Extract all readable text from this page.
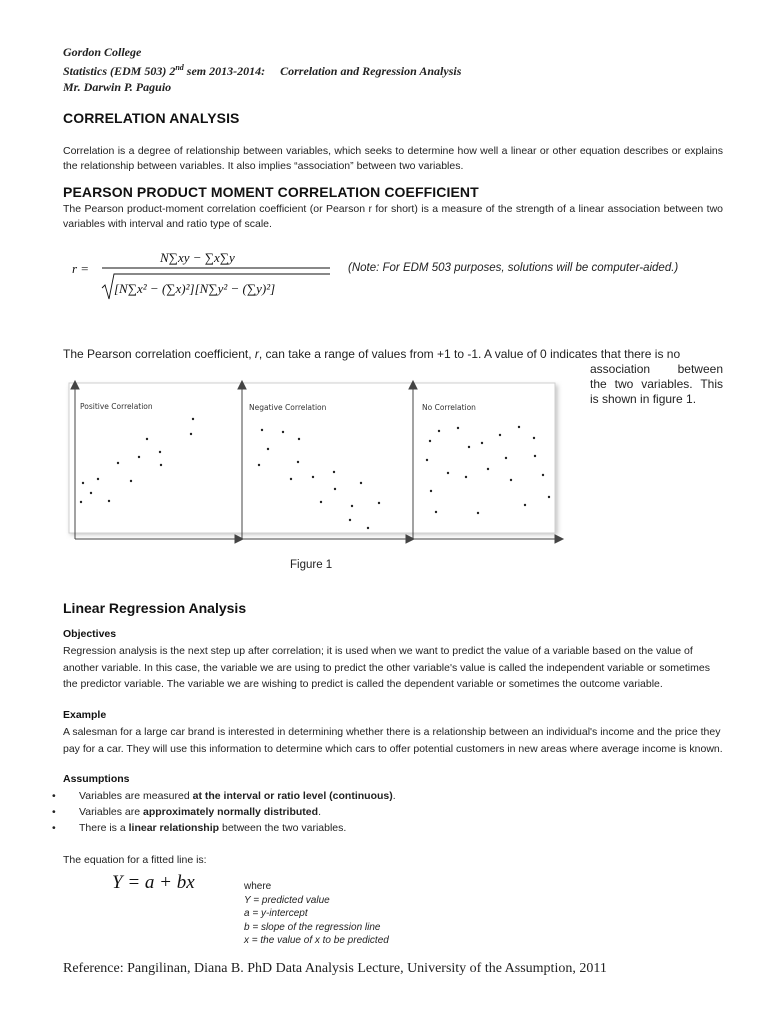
Gordon College
Statistics (EDM 503) 2nd sem 2013-2014:     Correlation and Regression Analysis
Mr. Darwin P. Paguio
CORRELATION ANALYSIS
Correlation is a degree of relationship between variables, which seeks to determine how well a linear or other equation describes or explains the relationship between variables. It also implies “association” between two variables.
PEARSON PRODUCT MOMENT CORRELATION COEFFICIENT
The Pearson product-moment correlation coefficient (or Pearson r for short) is a measure of the strength of a linear association between two variables with interval and ratio type of scale.
r =
N∑xy − ∑x∑y
[N∑x² − (∑x)²][N∑y² − (∑y)²]
(Note: For EDM 503 purposes, solutions will be computer-aided.)
The Pearson correlation coefficient, r, can take a range of values from +1 to -1. A value of 0 indicates that there is no
association between
the two variables. This
is shown in figure 1.
Positive Correlation	Negative Correlation	No Correlation
Figure 1
Linear Regression Analysis
Objectives
Regression analysis is the next step up after correlation; it is used when we want to predict the value of a variable based on the value of another variable. In this case, the variable we are using to predict the other variable's value is called the independent variable or sometimes the predictor variable. The variable we are wishing to predict is called the dependent variable or sometimes the outcome variable.
Example
A salesman for a large car brand is interested in determining whether there is a relationship between an individual's income and the price they pay for a car. They will use this information to determine which cars to offer potential customers in new areas where average income is known.
Assumptions
• Variables are measured at the interval or ratio level (continuous).
• Variables are approximately normally distributed.
• There is a linear relationship between the two variables.
The equation for a fitted line is:
Y = a + bx	where
Y = predicted value
a = y-intercept
b = slope of the regression line
x = the value of x to be predicted
Reference: Pangilinan, Diana B. PhD Data Analysis Lecture, University of the Assumption, 2011
